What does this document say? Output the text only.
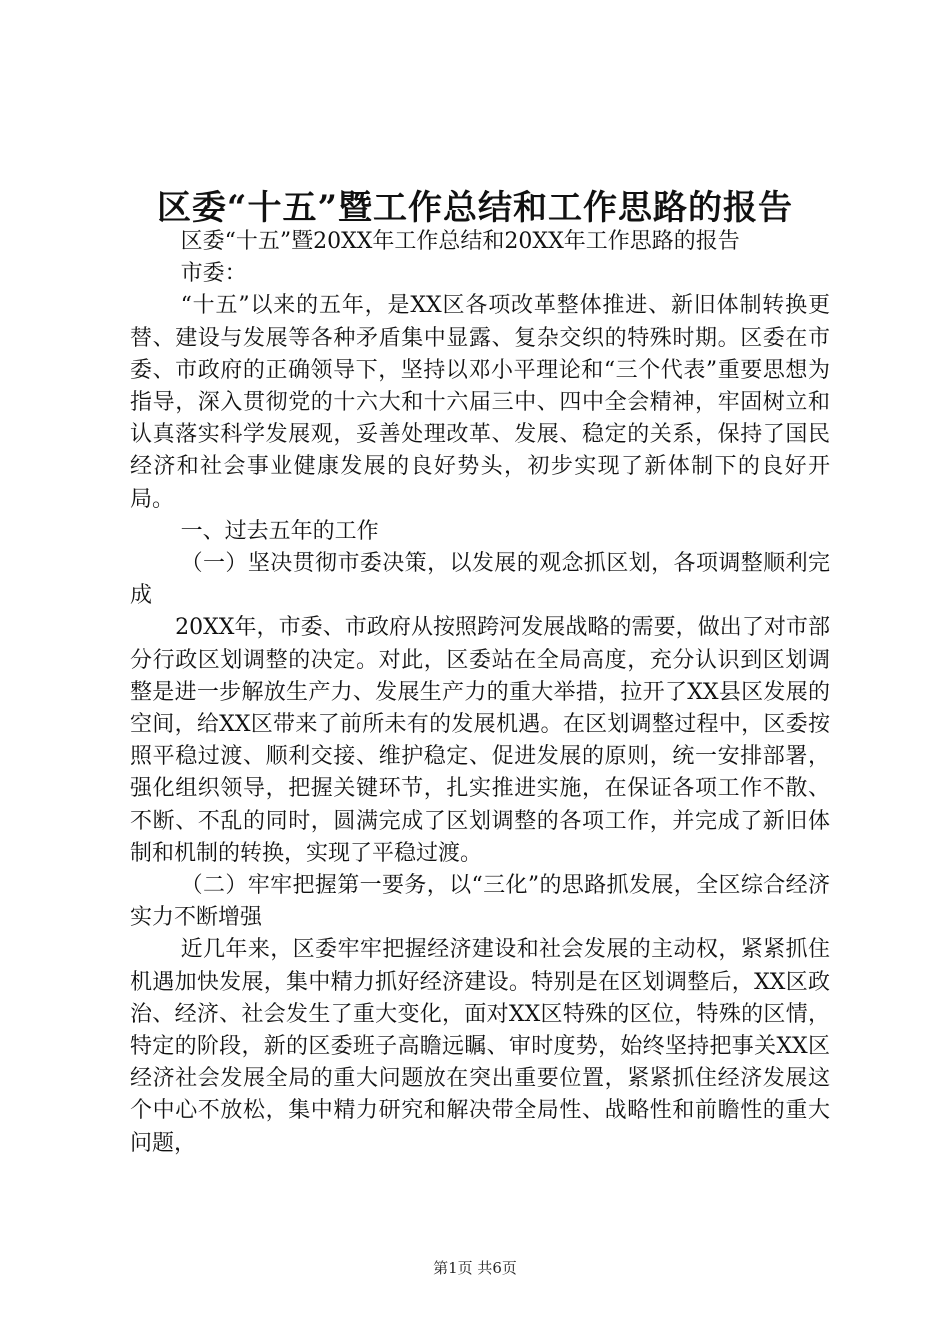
区委“十五”暨工作总结和工作思路的报告

区委“十五”暨20XX年工作总结和20XX年工作思路的报告

市委：

“十五”以来的五年，是XX区各项改革整体推进、新旧体制转换更替、建设与发展等各种矛盾集中显露、复杂交织的特殊时期。区委在市委、市政府的正确领导下，坚持以邓小平理论和“三个代表”重要思想为指导，深入贯彻党的十六大和十六届三中、四中全会精神，牢固树立和认真落实科学发展观，妥善处理改革、发展、稳定的关系，保持了国民经济和社会事业健康发展的良好势头，初步实现了新体制下的良好开局。

一、过去五年的工作

（一）坚决贯彻市委决策，以发展的观念抓区划，各项调整顺利完成

20XX年，市委、市政府从按照跨河发展战略的需要，做出了对市部分行政区划调整的决定。对此，区委站在全局高度，充分认识到区划调整是进一步解放生产力、发展生产力的重大举措，拉开了XX县区发展的空间，给XX区带来了前所未有的发展机遇。在区划调整过程中，区委按照平稳过渡、顺利交接、维护稳定、促进发展的原则，统一安排部署，强化组织领导，把握关键环节，扎实推进实施，在保证各项工作不散、不断、不乱的同时，圆满完成了区划调整的各项工作，并完成了新旧体制和机制的转换，实现了平稳过渡。

（二）牢牢把握第一要务，以“三化”的思路抓发展，全区综合经济实力不断增强

近几年来，区委牢牢把握经济建设和社会发展的主动权，紧紧抓住机遇加快发展，集中精力抓好经济建设。特别是在区划调整后，XX区政治、经济、社会发生了重大变化，面对XX区特殊的区位，特殊的区情，特定的阶段，新的区委班子高瞻远瞩、审时度势，始终坚持把事关XX区经济社会发展全局的重大问题放在突出重要位置，紧紧抓住经济发展这个中心不放松，集中精力研究和解决带全局性、战略性和前瞻性的重大问题，

第1页 共6页
